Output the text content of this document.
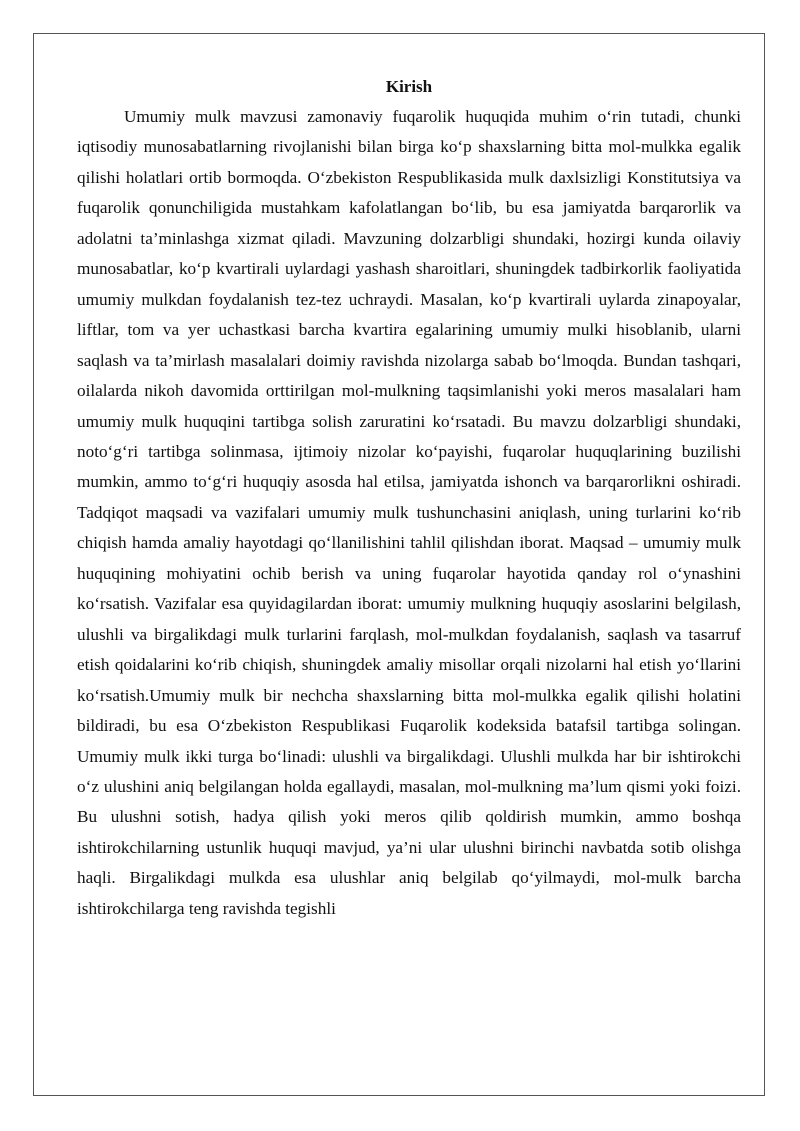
Kirish

Umumiy mulk mavzusi zamonaviy fuqarolik huquqida muhim o‘rin tutadi, chunki iqtisodiy munosabatlarning rivojlanishi bilan birga ko‘p shaxslarning bitta mol-mulkka egalik qilishi holatlari ortib bormoqda. O‘zbekiston Respublikasida mulk daxlsizligi Konstitutsiya va fuqarolik qonunchiligida mustahkam kafolatlangan bo‘lib, bu esa jamiyatda barqarorlik va adolatni ta’minlashga xizmat qiladi. Mavzuning dolzarbligi shundaki, hozirgi kunda oilaviy munosabatlar, ko‘p kvartirali uylardagi yashash sharoitlari, shuningdek tadbirkorlik faoliyatida umumiy mulkdan foydalanish tez-tez uchraydi. Masalan, ko‘p kvartirali uylarda zinapoyalar, liftlar, tom va yer uchastkasi barcha kvartira egalarining umumiy mulki hisoblanib, ularni saqlash va ta’mirlash masalalari doimiy ravishda nizolarga sabab bo‘lmoqda. Bundan tashqari, oilalarda nikoh davomida orttirilgan mol-mulkning taqsimlanishi yoki meros masalalari ham umumiy mulk huquqini tartibga solish zaruratini ko‘rsatadi. Bu mavzu dolzarbligi shundaki, noto‘g‘ri tartibga solinmasa, ijtimoiy nizolar ko‘payishi, fuqarolar huquqlarining buzilishi mumkin, ammo to‘g‘ri huquqiy asosda hal etilsa, jamiyatda ishonch va barqarorlikni oshiradi. Tadqiqot maqsadi va vazifalari umumiy mulk tushunchasini aniqlash, uning turlarini ko‘rib chiqish hamda amaliy hayotdagi qo‘llanilishini tahlil qilishdan iborat. Maqsad – umumiy mulk huquqining mohiyatini ochib berish va uning fuqarolar hayotida qanday rol o‘ynashini ko‘rsatish. Vazifalar esa quyidagilardan iborat: umumiy mulkning huquqiy asoslarini belgilash, ulushli va birgalikdagi mulk turlarini farqlash, mol-mulkdan foydalanish, saqlash va tasarruf etish qoidalarini ko‘rib chiqish, shuningdek amaliy misollar orqali nizolarni hal etish yo‘llarini ko‘rsatish.Umumiy mulk bir nechcha shaxslarning bitta mol-mulkka egalik qilishi holatini bildiradi, bu esa O‘zbekiston Respublikasi Fuqarolik kodeksida batafsil tartibga solingan. Umumiy mulk ikki turga bo‘linadi: ulushli va birgalikdagi. Ulushli mulkda har bir ishtirokchi o‘z ulushini aniq belgilangan holda egallaydi, masalan, mol-mulkning ma’lum qismi yoki foizi. Bu ulushni sotish, hadya qilish yoki meros qilib qoldirish mumkin, ammo boshqa ishtirokchilarning ustunlik huquqi mavjud, ya’ni ular ulushni birinchi navbatda sotib olishga haqli. Birgalikdagi mulkda esa ulushlar aniq belgilab qo‘yilmaydi, mol-mulk barcha ishtirokchilarga teng ravishda tegishli
